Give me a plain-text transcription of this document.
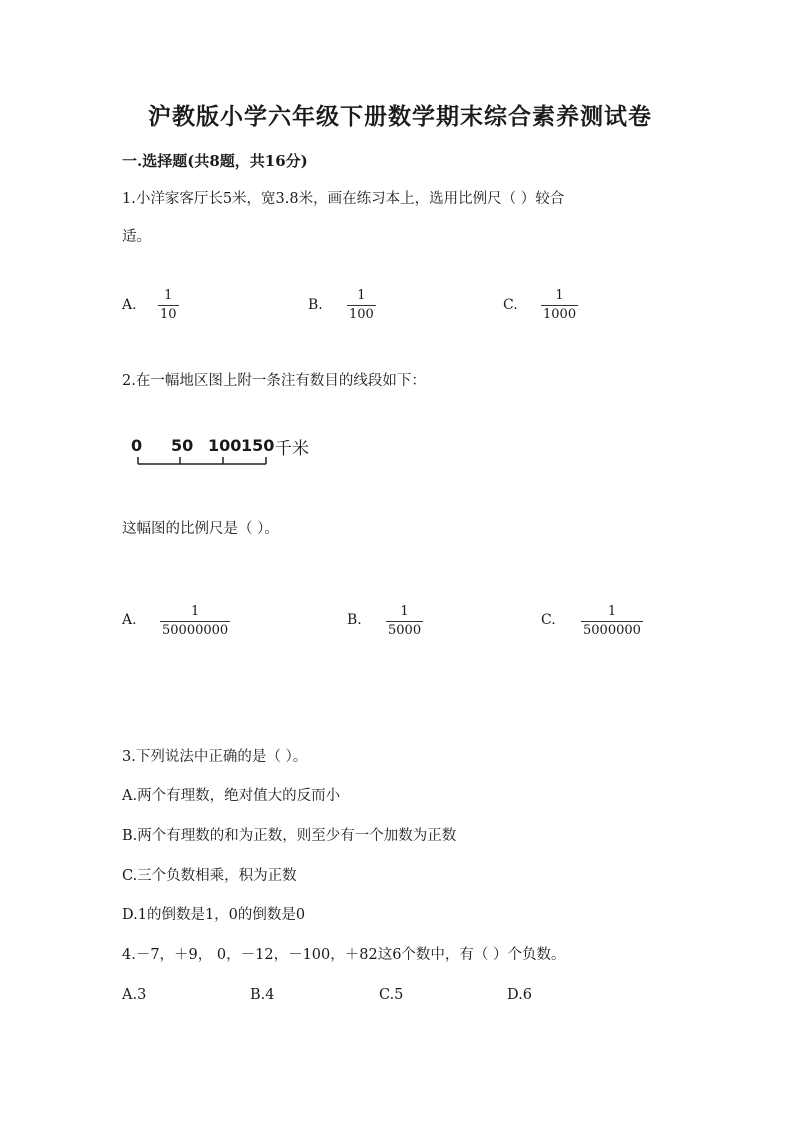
沪教版小学六年级下册数学期末综合素养测试卷
一.选择题(共8题，共16分)
1.小洋家客厅长5米，宽3.8米，画在练习本上，选用比例尺（ ）较合
适。
A.
1
10
B.
1
100
C.
1
1000
2.在一幅地区图上附一条注有数目的线段如下：
0 50 100 150 千米
这幅图的比例尺是（ ）。
A.
1
50000000
B.
1
5000
C.
1
5000000
3.下列说法中正确的是（ ）。
A.两个有理数，绝对值大的反而小
B.两个有理数的和为正数，则至少有一个加数为正数
C.三个负数相乘，积为正数
D.1的倒数是1，0的倒数是0
4.－7，＋9， 0，－12，－100，＋82这6个数中，有（ ）个负数。
A.3	B.4	C.5	D.6
